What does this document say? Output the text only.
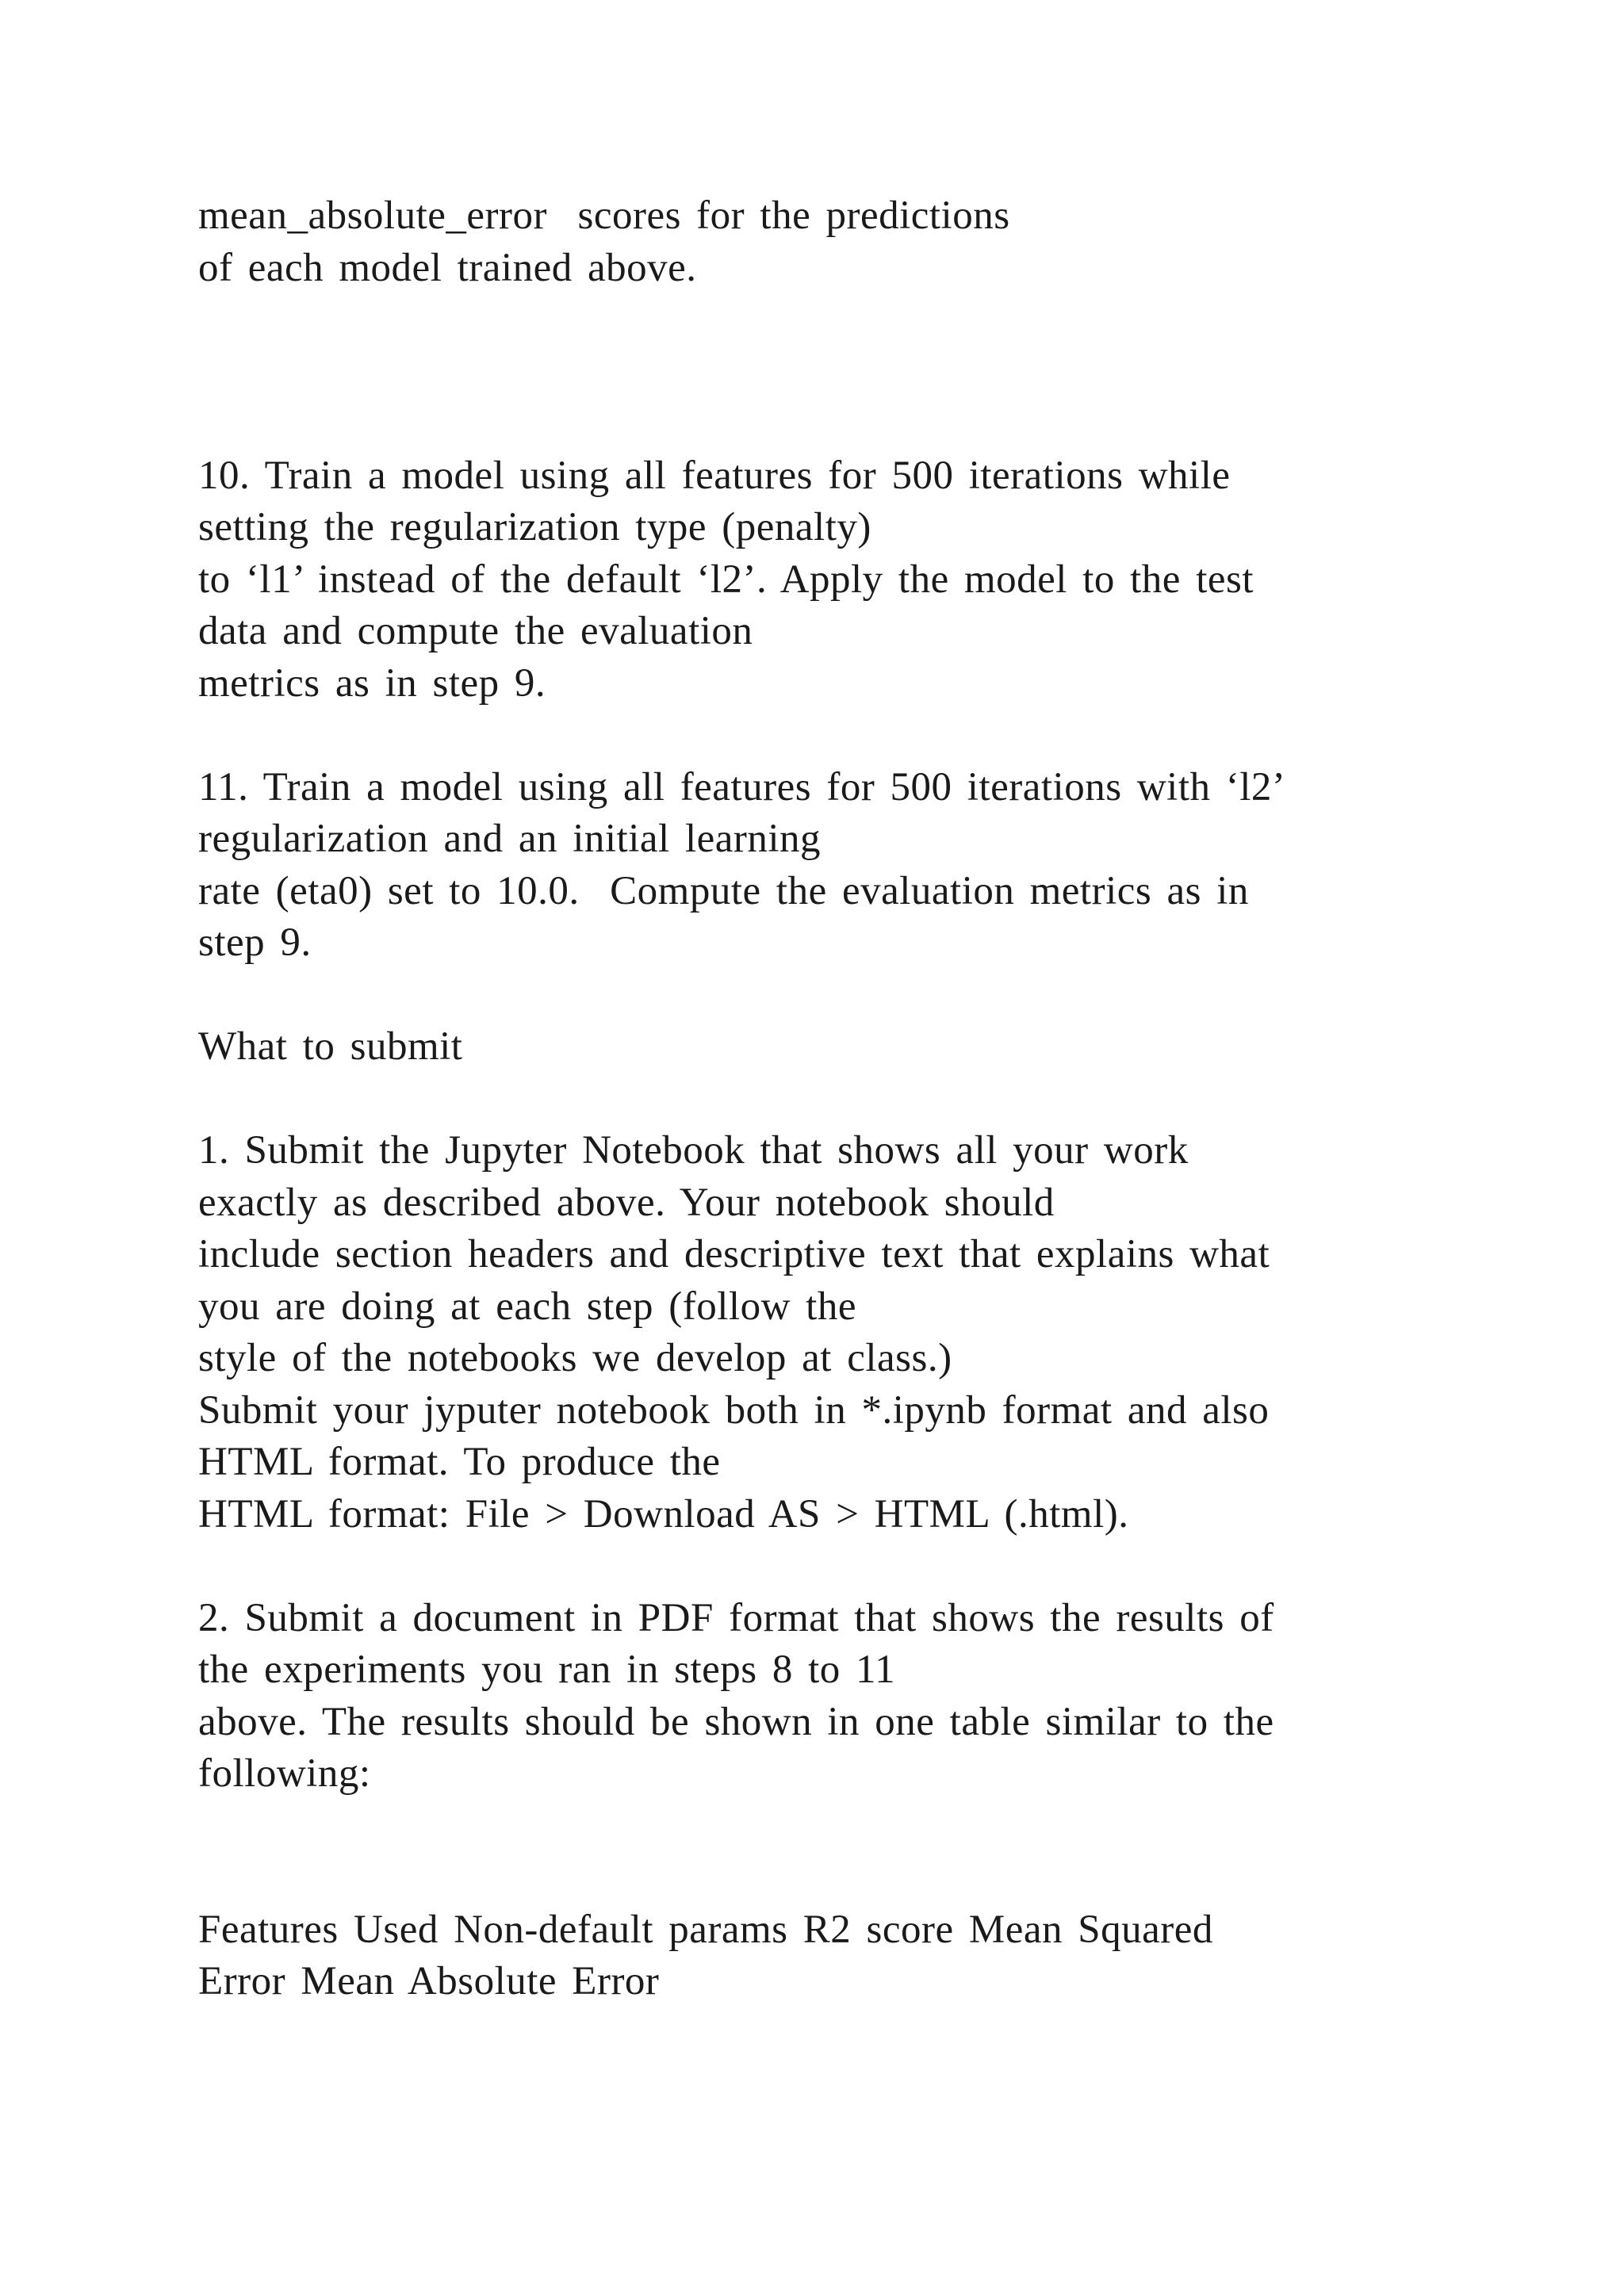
mean_absolute_error  scores for the predictions
of each model trained above.
10. Train a model using all features for 500 iterations while
setting the regularization type (penalty)
to ‘l1’ instead of the default ‘l2’. Apply the model to the test
data and compute the evaluation
metrics as in step 9.
11. Train a model using all features for 500 iterations with ‘l2’
regularization and an initial learning
rate (eta0) set to 10.0.  Compute the evaluation metrics as in
step 9.
What to submit
1. Submit the Jupyter Notebook that shows all your work
exactly as described above. Your notebook should
include section headers and descriptive text that explains what
you are doing at each step (follow the
style of the notebooks we develop at class.)
Submit your jyputer notebook both in *.ipynb format and also
HTML format. To produce the
HTML format: File > Download AS > HTML (.html).
2. Submit a document in PDF format that shows the results of
the experiments you ran in steps 8 to 11
above. The results should be shown in one table similar to the
following:
Features Used Non-default params R2 score Mean Squared
Error Mean Absolute Error
